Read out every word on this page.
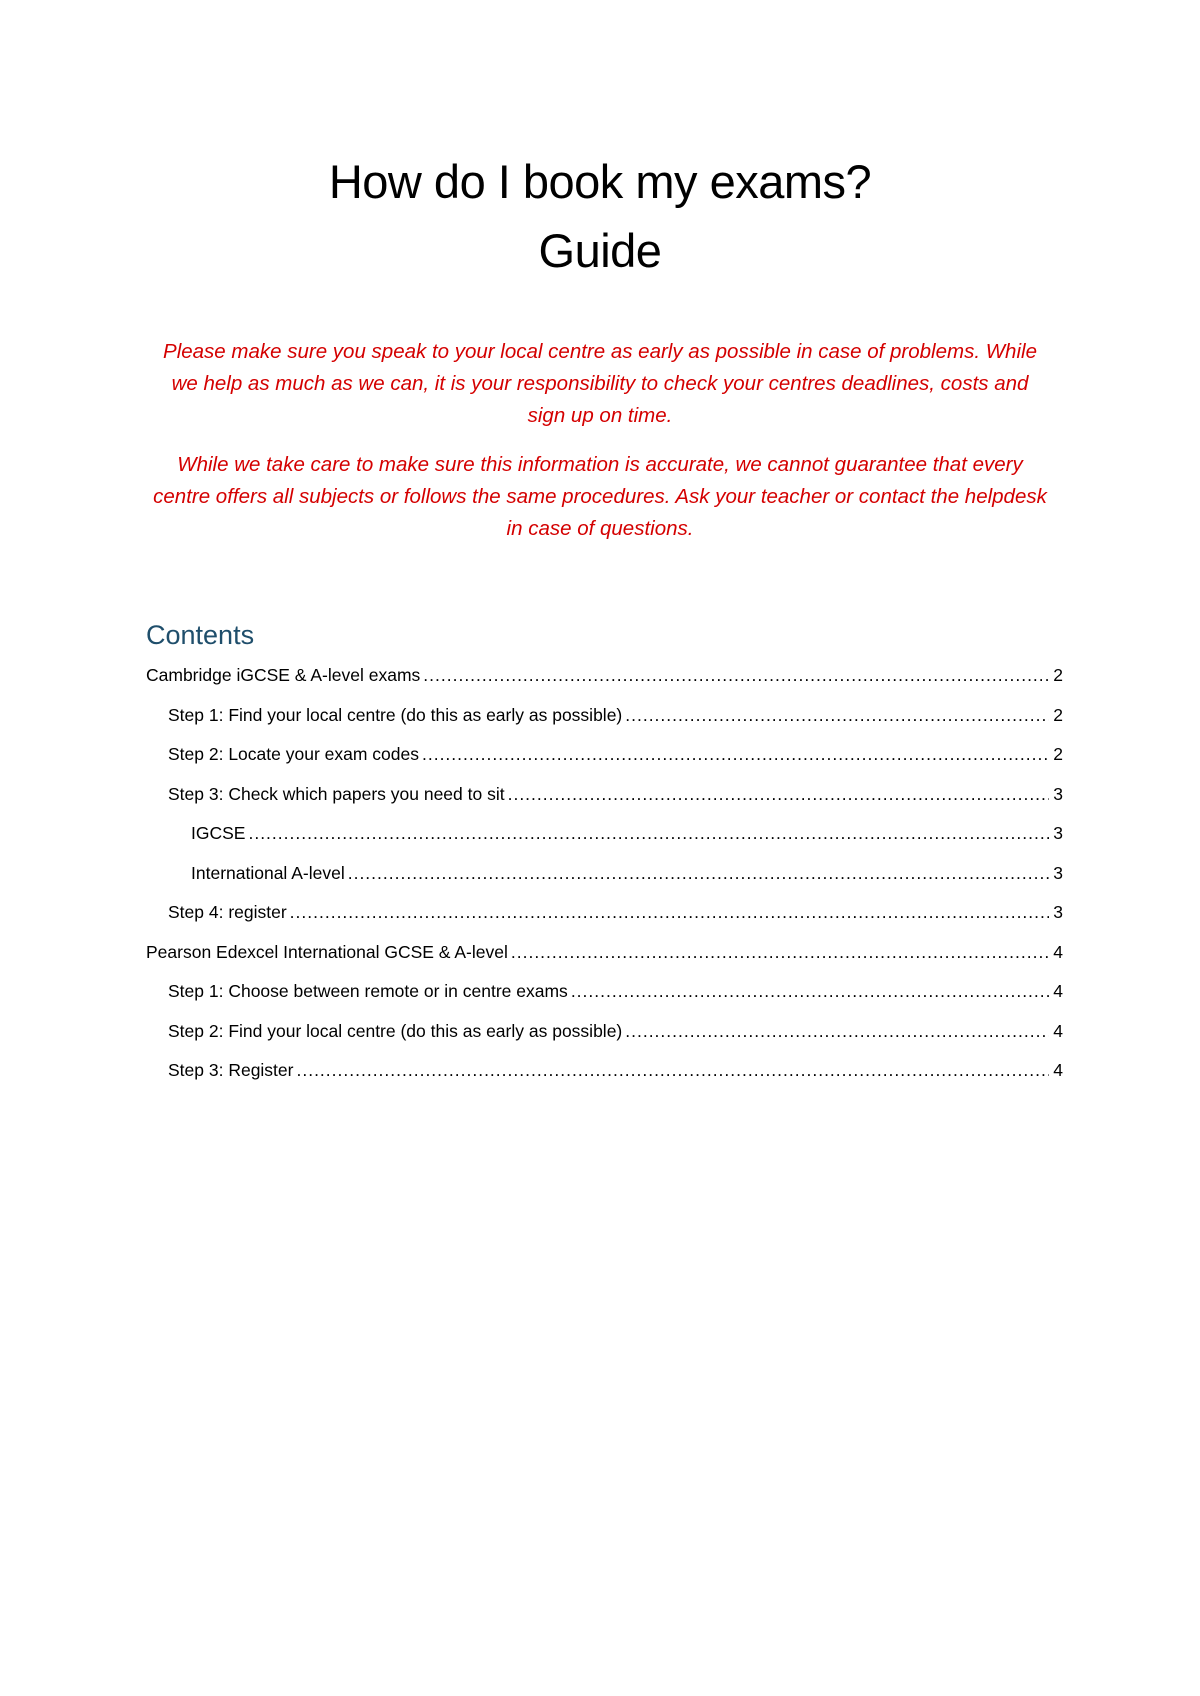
How do I book my exams?
Guide

Please make sure you speak to your local centre as early as possible in case of problems. While we help as much as we can, it is your responsibility to check your centres deadlines, costs and sign up on time.

While we take care to make sure this information is accurate, we cannot guarantee that every centre offers all subjects or follows the same procedures. Ask your teacher or contact the helpdesk in case of questions.

Contents
Cambridge iGCSE & A-level exams .....	2
Step 1: Find your local centre (do this as early as possible) .....	2
Step 2: Locate your exam codes .....	2
Step 3: Check which papers you need to sit .....	3
IGCSE .....	3
International A-level .....	3
Step 4: register .....	3
Pearson Edexcel International GCSE & A-level .....	4
Step 1: Choose between remote or in centre exams .....	4
Step 2: Find your local centre (do this as early as possible) .....	4
Step 3: Register .....	4
